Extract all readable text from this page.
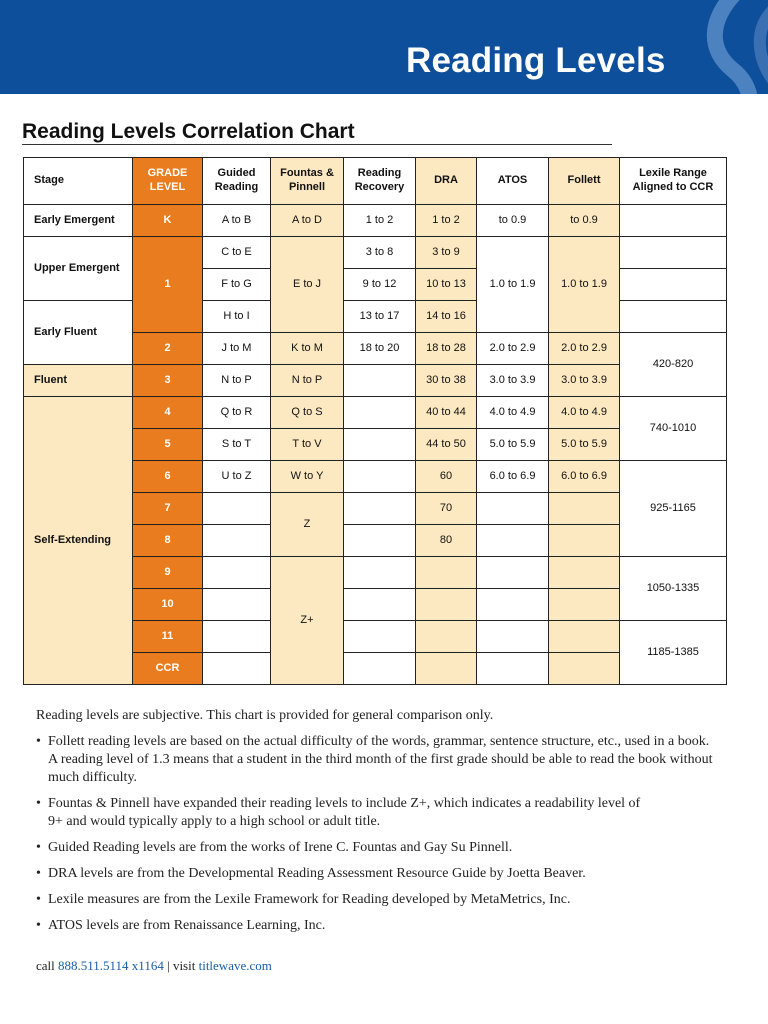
Reading Levels
Reading Levels Correlation Chart
Stage
GRADE LEVEL
Guided Reading
Fountas & Pinnell
Reading Recovery
DRA	ATOS	Follett
Lexile Range Aligned to CCR
Early Emergent
Upper Emergent
Early Fluent
Fluent
Self-Extending
K
1
2
3
4
5
6
7
8
9
10
11
CCR
A to B
C to E
F to G
H to I
J to M
N to P
Q to R
S to T
U to Z
A to D
E to J
K to M
N to P
Q to S
T to V
W to Y
Z
Z+
1 to 2
3 to 8
9 to 12
13 to 17
18 to 20
1 to 2
3 to 9
10 to 13
14 to 16
18 to 28
30 to 38
40 to 44
44 to 50
60
70
80
to 0.9
1.0 to 1.9
2.0 to 2.9
3.0 to 3.9
4.0 to 4.9
5.0 to 5.9
6.0 to 6.9
to 0.9
1.0 to 1.9
2.0 to 2.9
3.0 to 3.9
4.0 to 4.9
5.0 to 5.9
6.0 to 6.9
420-820
740-1010
925-1165
1050-1335
1185-1385

Reading levels are subjective. This chart is provided for general comparison only.

• Follett reading levels are based on the actual difficulty of the words, grammar, sentence structure, etc., used in a book. A reading level of 1.3 means that a student in the third month of the first grade should be able to read the book without much difficulty.

• Fountas & Pinnell have expanded their reading levels to include Z+, which indicates a readability level of 9+ and would typically apply to a high school or adult title.

• Guided Reading levels are from the works of Irene C. Fountas and Gay Su Pinnell.

• DRA levels are from the Developmental Reading Assessment Resource Guide by Joetta Beaver.

• Lexile measures are from the Lexile Framework for Reading developed by MetaMetrics, Inc.

• ATOS levels are from Renaissance Learning, Inc.

call 888.511.5114 x1164 | visit titlewave.com
